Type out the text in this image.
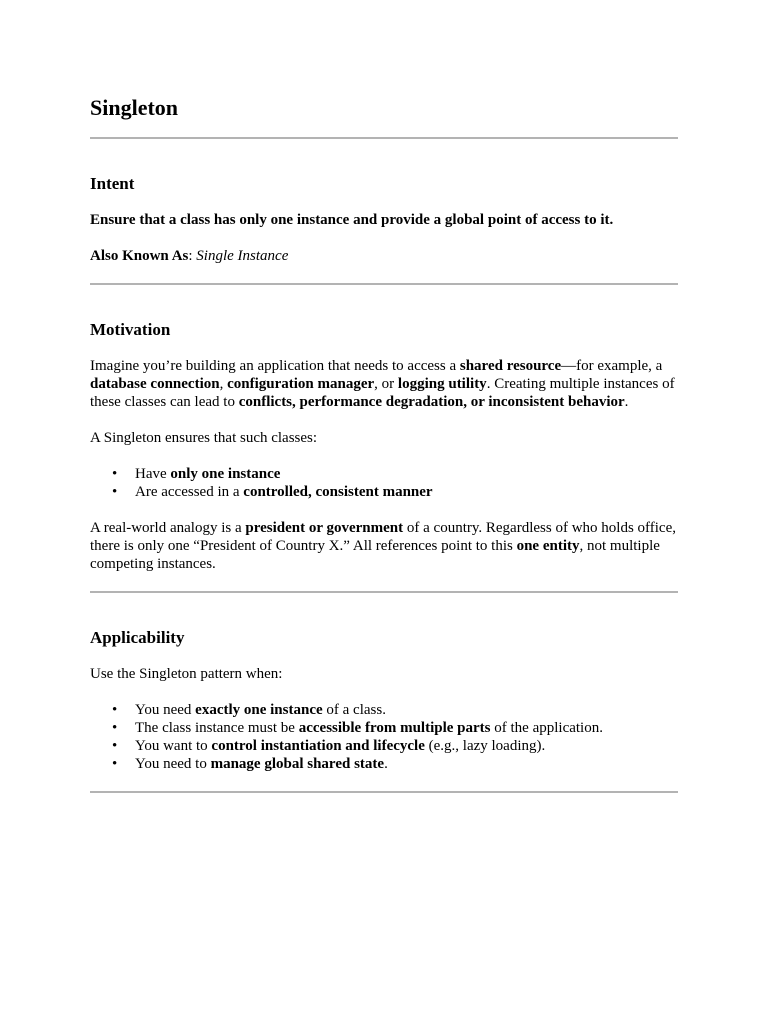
Singleton
Intent

Ensure that a class has only one instance and provide a global point of access to it.

Also Known As: Single Instance

Motivation

Imagine you’re building an application that needs to access a shared resource—for example, a database connection, configuration manager, or logging utility. Creating multiple instances of these classes can lead to conflicts, performance degradation, or inconsistent behavior.

A Singleton ensures that such classes:

• Have only one instance
• Are accessed in a controlled, consistent manner

A real-world analogy is a president or government of a country. Regardless of who holds office, there is only one “President of Country X.” All references point to this one entity, not multiple competing instances.

Applicability

Use the Singleton pattern when:

• You need exactly one instance of a class.
• The class instance must be accessible from multiple parts of the application.
• You want to control instantiation and lifecycle (e.g., lazy loading).
• You need to manage global shared state.
